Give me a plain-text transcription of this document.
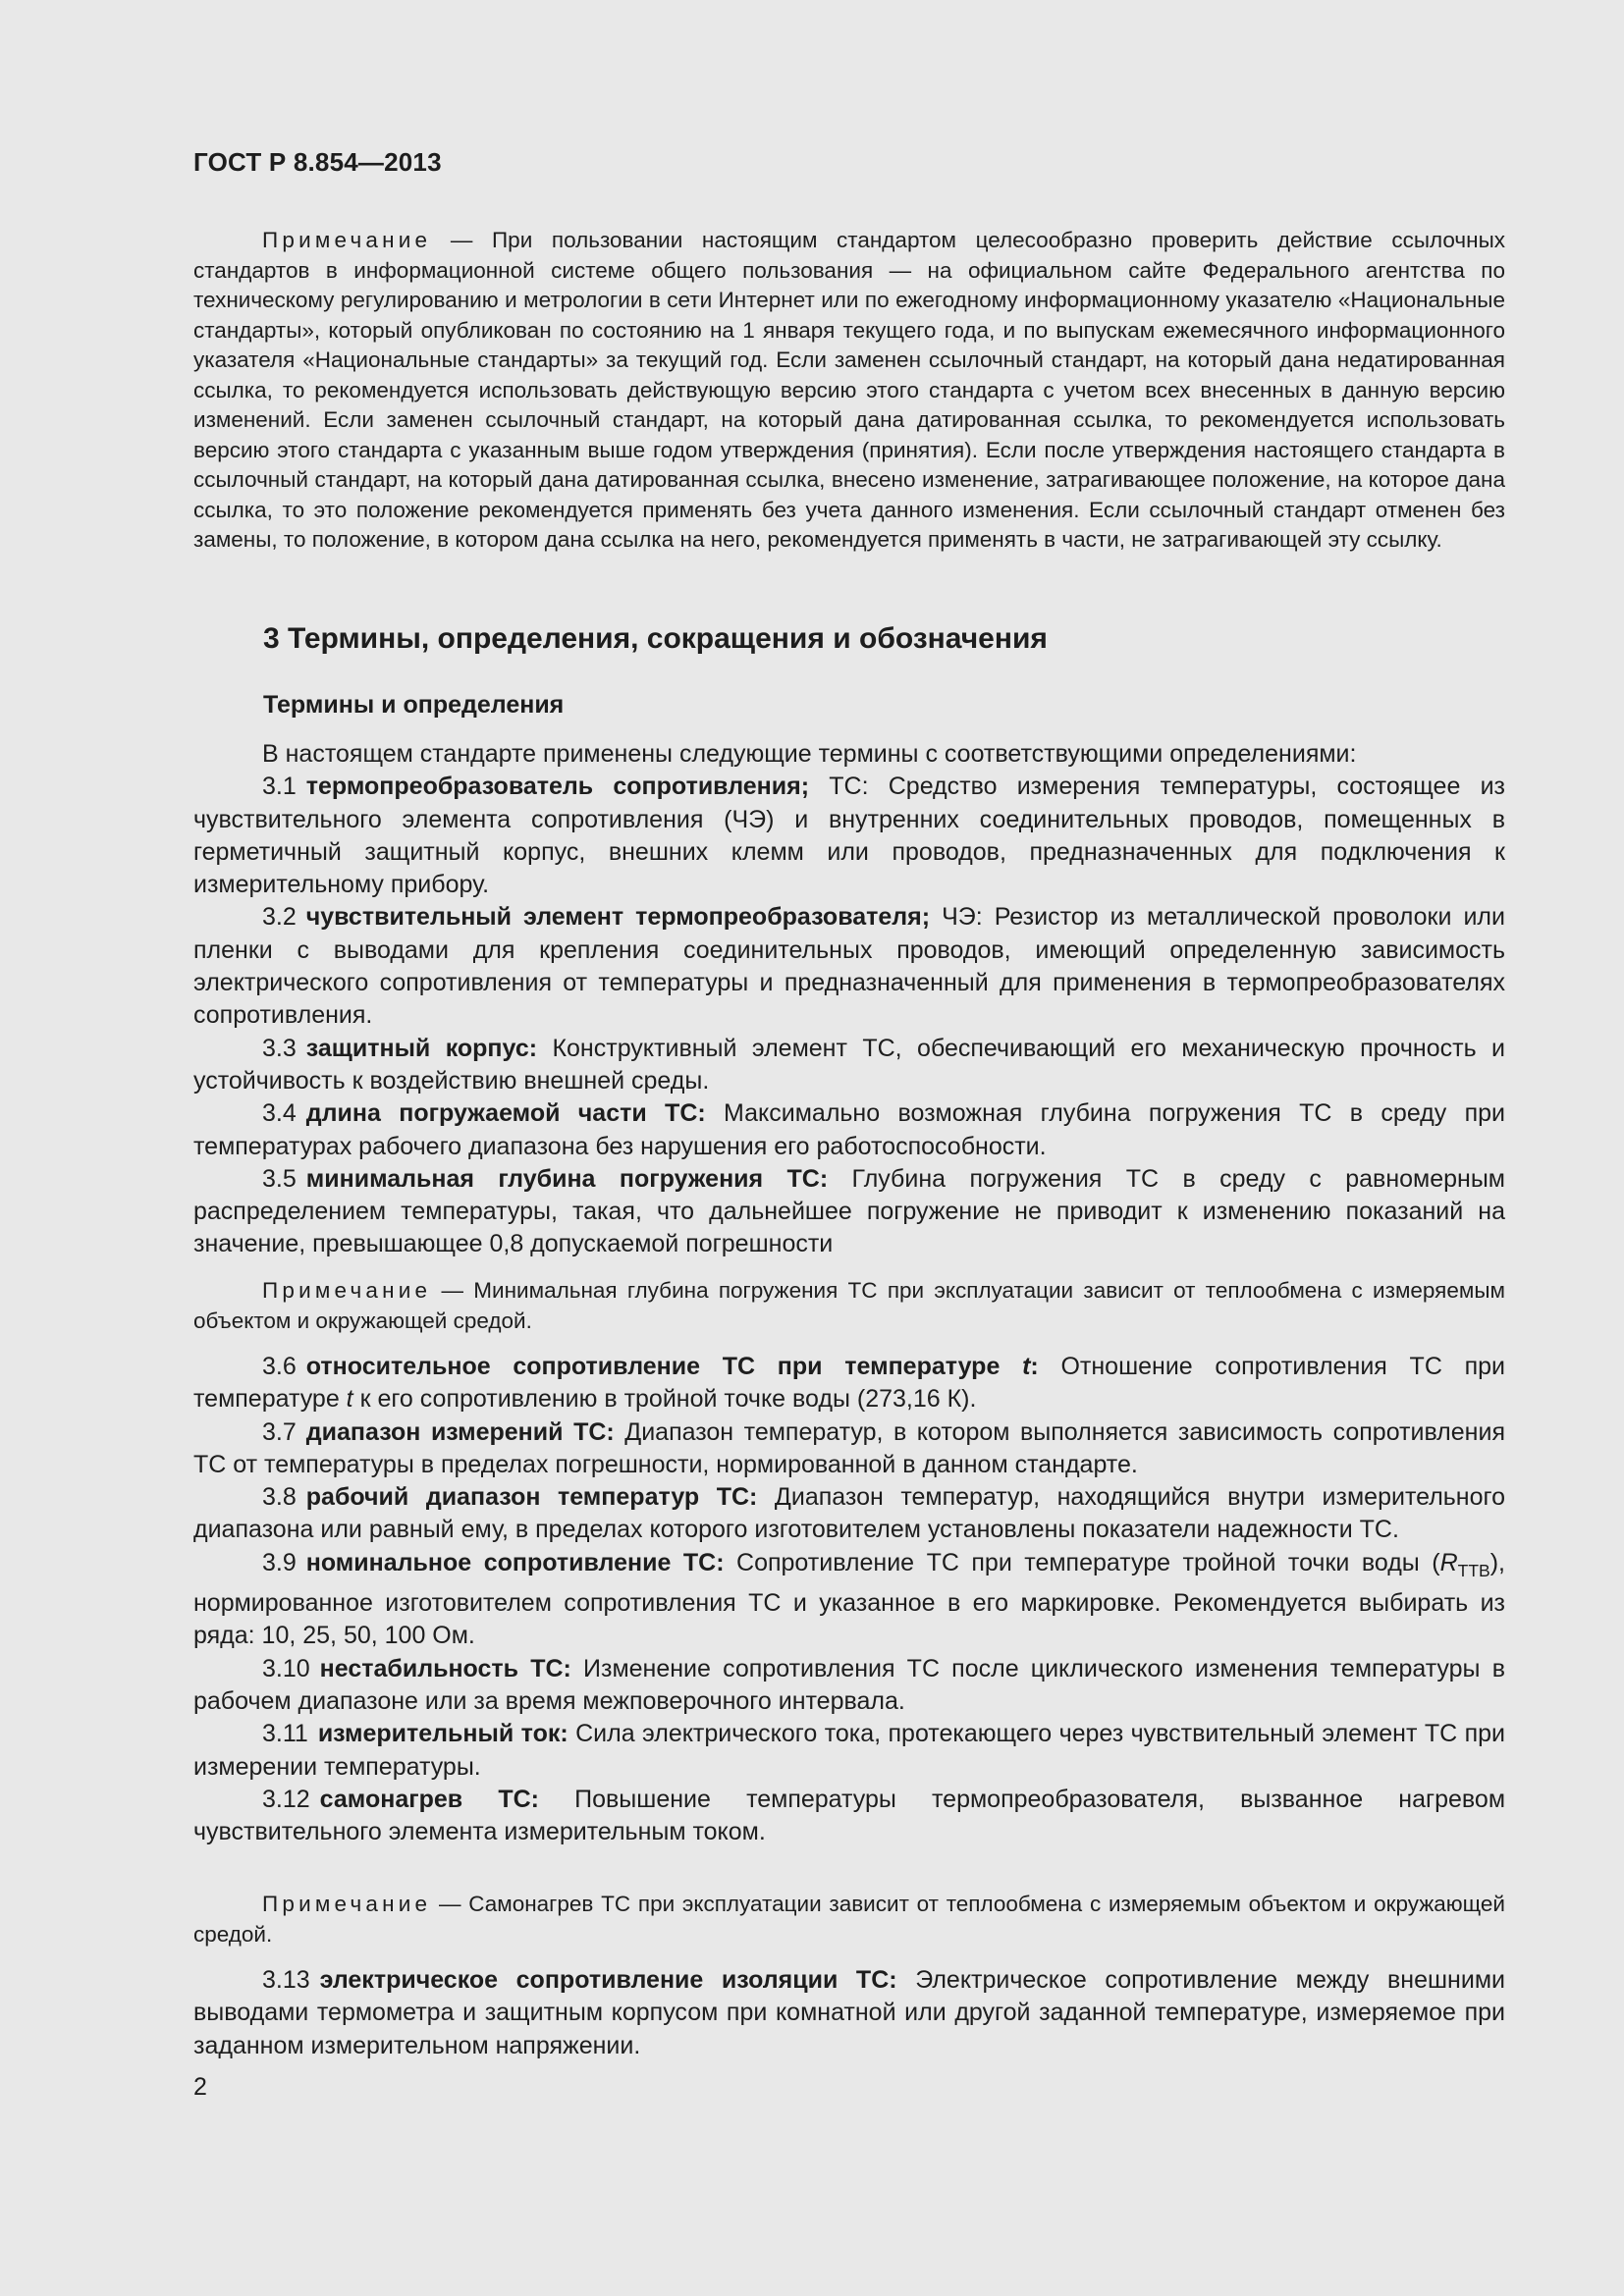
ГОСТ Р 8.854—2013

Примечание — При пользовании настоящим стандартом целесообразно проверить действие ссылочных стандартов в информационной системе общего пользования — на официальном сайте Федерального агентства по техническому регулированию и метрологии в сети Интернет или по ежегодному информационному указателю «Национальные стандарты», который опубликован по состоянию на 1 января текущего года, и по выпускам ежемесячного информационного указателя «Национальные стандарты» за текущий год. Если заменен ссылочный стандарт, на который дана недатированная ссылка, то рекомендуется использовать действующую версию этого стандарта с учетом всех внесенных в данную версию изменений. Если заменен ссылочный стандарт, на который дана датированная ссылка, то рекомендуется использовать версию этого стандарта с указанным выше годом утверждения (принятия). Если после утверждения настоящего стандарта в ссылочный стандарт, на который дана датированная ссылка, внесено изменение, затрагивающее положение, на которое дана ссылка, то это положение рекомендуется применять без учета данного изменения. Если ссылочный стандарт отменен без замены, то положение, в котором дана ссылка на него, рекомендуется применять в части, не затрагивающей эту ссылку.

3 Термины, определения, сокращения и обозначения
Термины и определения

В настоящем стандарте применены следующие термины с соответствующими определениями:

3.1 термопреобразователь сопротивления; ТС: Средство измерения температуры, состоящее из чувствительного элемента сопротивления (ЧЭ) и внутренних соединительных проводов, помещенных в герметичный защитный корпус, внешних клемм или проводов, предназначенных для подключения к измерительному прибору.

3.2 чувствительный элемент термопреобразователя; ЧЭ: Резистор из металлической проволоки или пленки с выводами для крепления соединительных проводов, имеющий определенную зависимость электрического сопротивления от температуры и предназначенный для применения в термопреобразователях сопротивления.

3.3 защитный корпус: Конструктивный элемент ТС, обеспечивающий его механическую прочность и устойчивость к воздействию внешней среды.

3.4 длина погружаемой части ТС: Максимально возможная глубина погружения ТС в среду при температурах рабочего диапазона без нарушения его работоспособности.

3.5 минимальная глубина погружения ТС: Глубина погружения ТС в среду с равномерным распределением температуры, такая, что дальнейшее погружение не приводит к изменению показаний на значение, превышающее 0,8 допускаемой погрешности

Примечание — Минимальная глубина погружения ТС при эксплуатации зависит от теплообмена с измеряемым объектом и окружающей средой.

3.6 относительное сопротивление ТС при температуре t: Отношение сопротивления ТС при температуре t к его сопротивлению в тройной точке воды (273,16 К).

3.7 диапазон измерений ТС: Диапазон температур, в котором выполняется зависимость сопротивления ТС от температуры в пределах погрешности, нормированной в данном стандарте.

3.8 рабочий диапазон температур ТС: Диапазон температур, находящийся внутри измерительного диапазона или равный ему, в пределах которого изготовителем установлены показатели надежности ТС.

3.9 номинальное сопротивление ТС: Сопротивление ТС при температуре тройной точки воды $(R_{ТТВ})$, нормированное изготовителем сопротивления ТС и указанное в его маркировке. Рекомендуется выбирать из ряда: 10, 25, 50, 100 Ом.

3.10 нестабильность ТС: Изменение сопротивления ТС после циклического изменения температуры в рабочем диапазоне или за время межповерочного интервала.

3.11 измерительный ток: Сила электрического тока, протекающего через чувствительный элемент ТС при измерении температуры.

3.12 самонагрев ТС: Повышение температуры термопреобразователя, вызванное нагревом чувствительного элемента измерительным током.

Примечание — Самонагрев ТС при эксплуатации зависит от теплообмена с измеряемым объектом и окружающей средой.

3.13 электрическое сопротивление изоляции ТС: Электрическое сопротивление между внешними выводами термометра и защитным корпусом при комнатной или другой заданной температуре, измеряемое при заданном измерительном напряжении.

2
